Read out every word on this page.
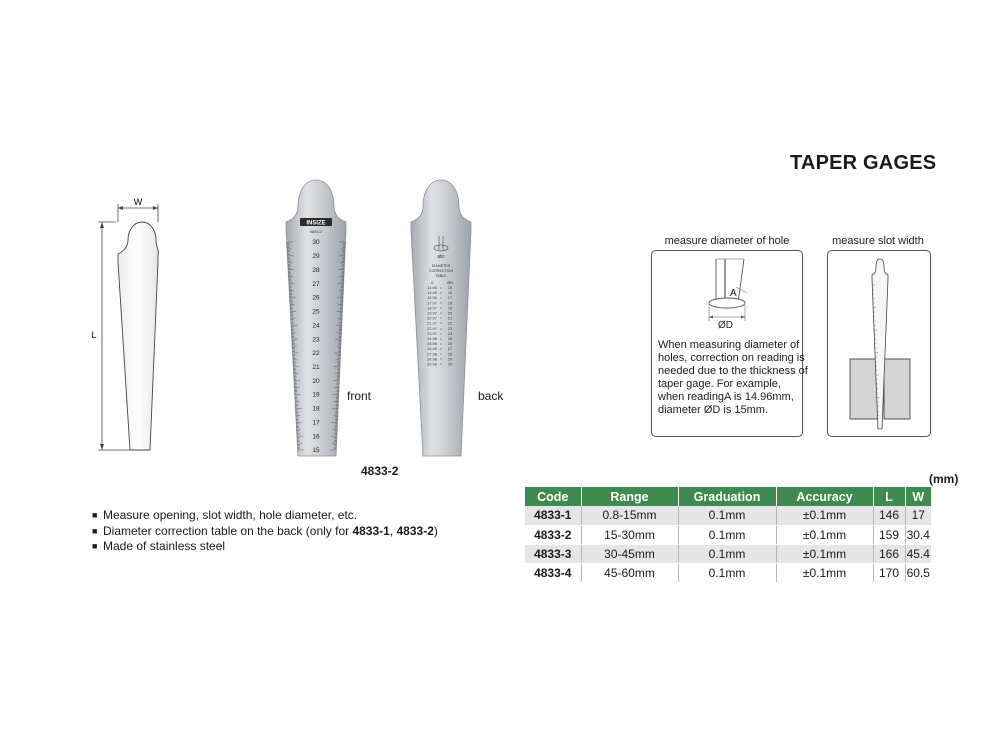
TAPER GAGES
W
L
INSIZE
4833-2
30
29
28
27
26
25
24
23
22
21
20
19
18
17
16
15
ØD
DIAMETER
CORRECTION
TABLE
A	ØD
14.96 = 15
15.96 = 16
16.96 = 17
17.97 = 18
18.97 = 19
19.97 = 20
20.97 = 21
21.97 = 22
22.97 = 23
23.97 = 24
24.98 = 25
25.98 = 26
26.98 = 27
27.98 = 28
28.98 = 29
29.98 = 30
front	back
4833-2
measure diameter of hole
A
ØD
When measuring diameter of holes, correction on reading is needed due to the thickness of taper gage. For example, when readingA is 14.96mm, diameter ØD is 15mm.
measure slot width
■ Measure opening, slot width, hole diameter, etc.
■ Diameter correction table on the back (only for 4833-1, 4833-2)
■ Made of stainless steel
(mm)
Code	Range	Graduation	Accuracy	L	W
4833-1	0.8-15mm	0.1mm	±0.1mm	146	17
4833-2	15-30mm	0.1mm	±0.1mm	159	30.4
4833-3	30-45mm	0.1mm	±0.1mm	166	45.4
4833-4	45-60mm	0.1mm	±0.1mm	170	60.5
